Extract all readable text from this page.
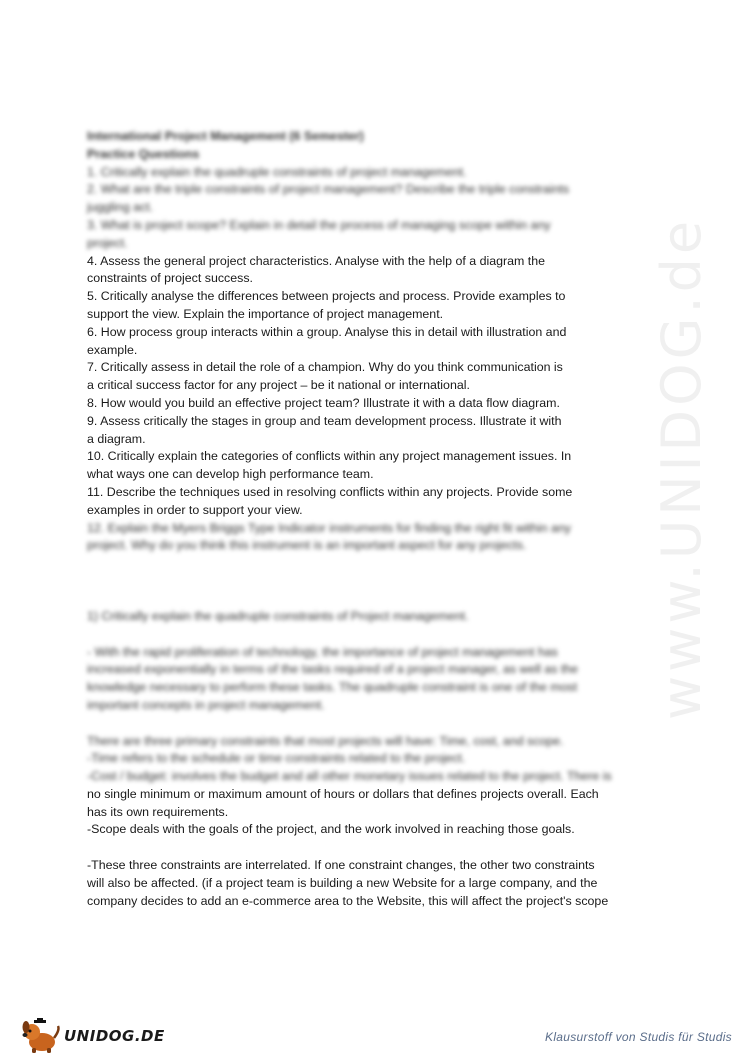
www.UNIDOG.de
International Project Management (6 Semester)
Practice Questions
1. Critically explain the quadruple constraints of project management.
2. What are the triple constraints of project management? Describe the triple constraints
juggling act.
3. What is project scope? Explain in detail the process of managing scope within any
project.
4. Assess the general project characteristics. Analyse with the help of a diagram the
constraints of project success.
5. Critically analyse the differences between projects and process. Provide examples to
support the view. Explain the importance of project management.
6. How process group interacts within a group. Analyse this in detail with illustration and
example.
7. Critically assess in detail the role of a champion. Why do you think communication is
a critical success factor for any project – be it national or international.
8. How would you build an effective project team? Illustrate it with a data flow diagram.
9. Assess critically the stages in group and team development process. Illustrate it with
a diagram.
10. Critically explain the categories of conflicts within any project management issues. In
what ways one can develop high performance team.
11. Describe the techniques used in resolving conflicts within any projects. Provide some
examples in order to support your view.
12. Explain the Myers Briggs Type Indicator instruments for finding the right fit within any
project. Why do you think this instrument is an important aspect for any projects.
1) Critically explain the quadruple constraints of Project management.
- With the rapid proliferation of technology, the importance of project management has
increased exponentially in terms of the tasks required of a project manager, as well as the
knowledge necessary to perform these tasks. The quadruple constraint is one of the most
important concepts in project management.
There are three primary constraints that most projects will have: Time, cost, and scope.
-Time refers to the schedule or time constraints related to the project.
-Cost / budget: involves the budget and all other monetary issues related to the project. There is
no single minimum or maximum amount of hours or dollars that defines projects overall. Each
has its own requirements.
-Scope deals with the goals of the project, and the work involved in reaching those goals.
-These three constraints are interrelated. If one constraint changes, the other two constraints
will also be affected. (if a project team is building a new Website for a large company, and the
company decides to add an e-commerce area to the Website, this will affect the project's scope
UNIDOG.DE	Klausurstoff von Studis für Studis
